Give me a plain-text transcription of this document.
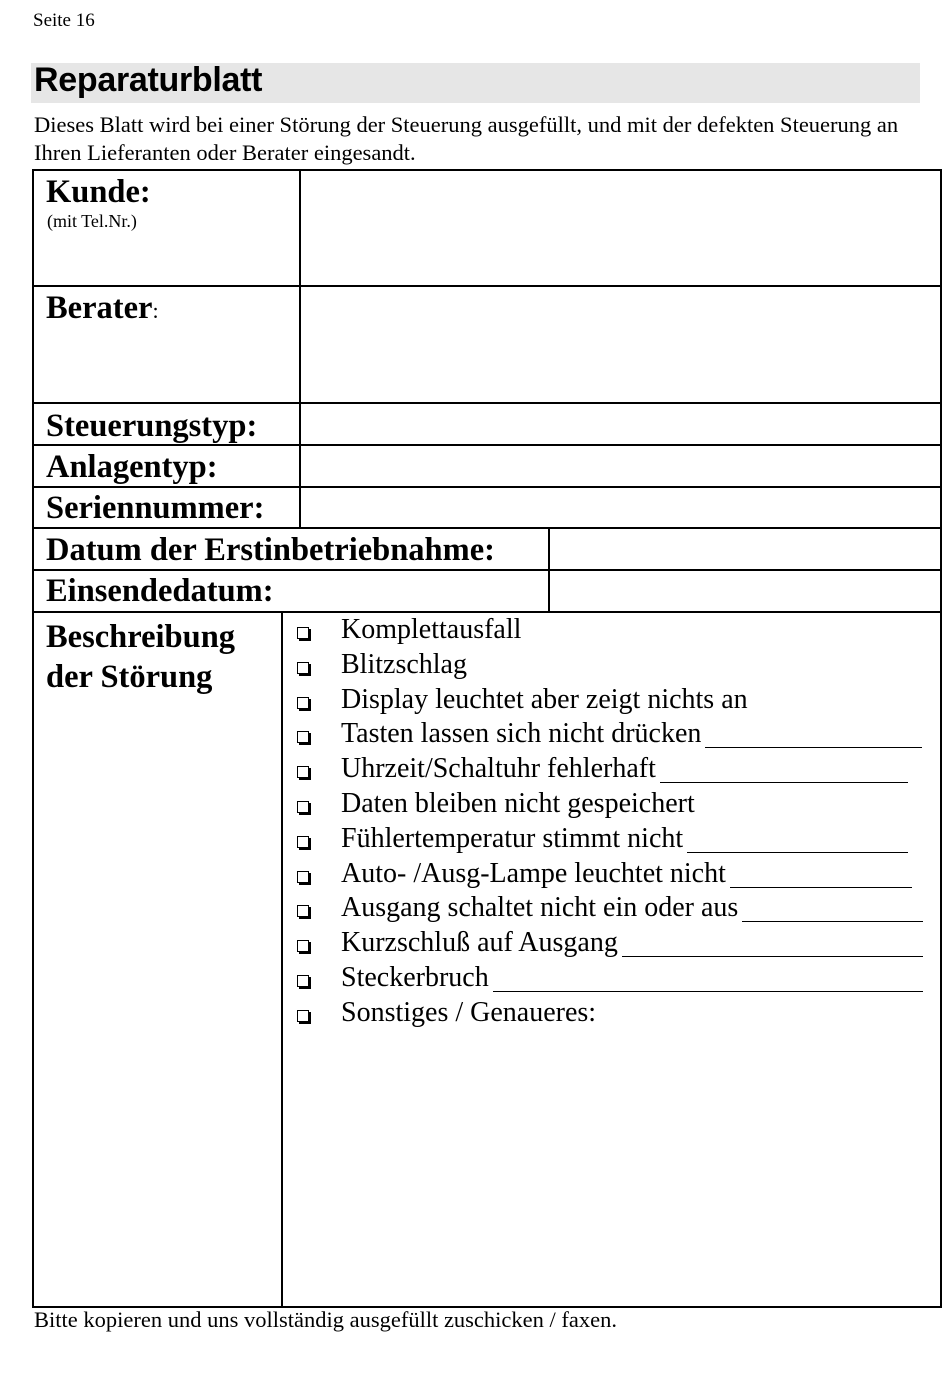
Seite 16
Reparaturblatt
Dieses Blatt wird bei einer Störung der Steuerung ausgefüllt, und mit der defekten Steuerung an Ihren Lieferanten oder Berater eingesandt.
Kunde:
(mit Tel.Nr.)
Berater:
Steuerungstyp:
Anlagentyp:
Seriennummer:
Datum der Erstinbetriebnahme:
Einsendedatum:
Beschreibung
der Störung
Komplettausfall
Blitzschlag
Display leuchtet aber zeigt nichts an
Tasten lassen sich nicht drücken
Uhrzeit/Schaltuhr fehlerhaft
Daten bleiben nicht gespeichert
Fühlertemperatur stimmt nicht
Auto- /Ausg-Lampe leuchtet nicht
Ausgang schaltet nicht ein oder aus
Kurzschluß auf Ausgang
Steckerbruch
Sonstiges / Genaueres:
Bitte kopieren und uns vollständig ausgefüllt zuschicken / faxen.
